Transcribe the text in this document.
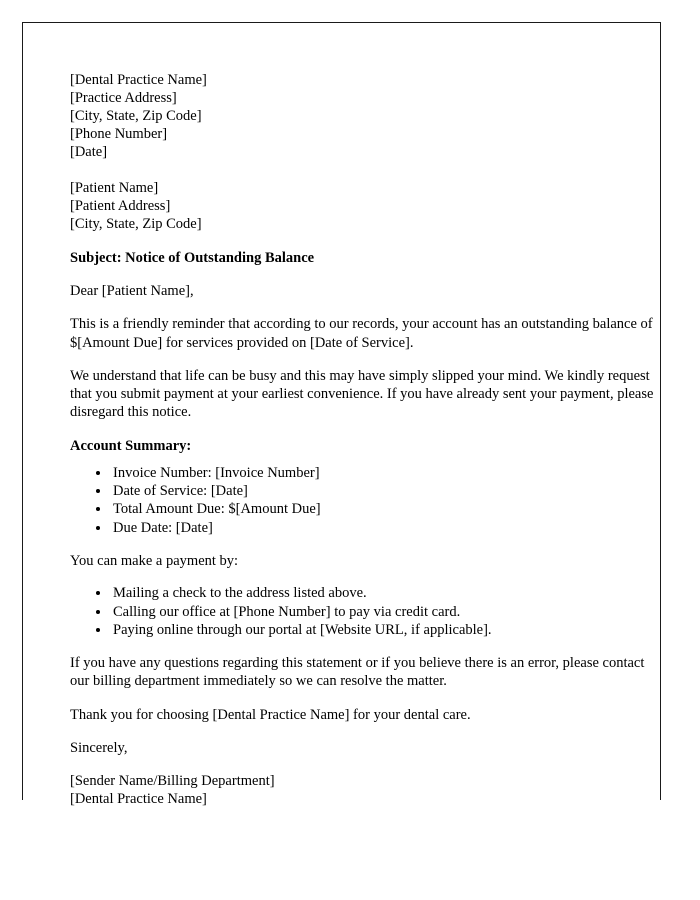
[Dental Practice Name]
[Practice Address]
[City, State, Zip Code]
[Phone Number]
[Date]
[Patient Name]
[Patient Address]
[City, State, Zip Code]
Subject: Notice of Outstanding Balance
Dear [Patient Name],
This is a friendly reminder that according to our records, your account has an outstanding balance of $[Amount Due] for services provided on [Date of Service].
We understand that life can be busy and this may have simply slipped your mind. We kindly request that you submit payment at your earliest convenience. If you have already sent your payment, please disregard this notice.
Account Summary:
• Invoice Number: [Invoice Number]
• Date of Service: [Date]
• Total Amount Due: $[Amount Due]
• Due Date: [Date]
You can make a payment by:
• Mailing a check to the address listed above.
• Calling our office at [Phone Number] to pay via credit card.
• Paying online through our portal at [Website URL, if applicable].
If you have any questions regarding this statement or if you believe there is an error, please contact our billing department immediately so we can resolve the matter.
Thank you for choosing [Dental Practice Name] for your dental care.
Sincerely,
[Sender Name/Billing Department]
[Dental Practice Name]
